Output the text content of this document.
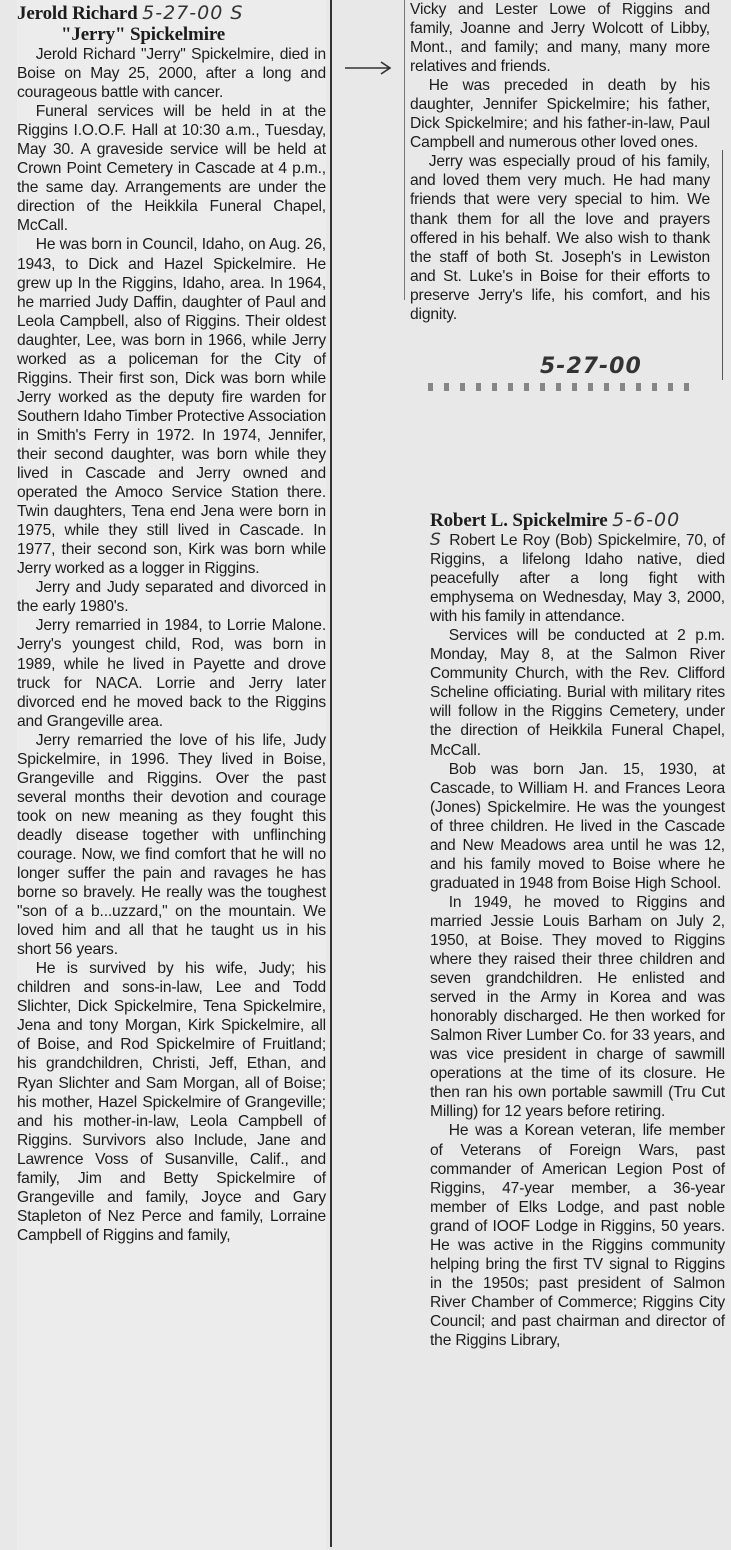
Jerold Richard 5-27-00 S
"Jerry" Spickelmire

Jerold Richard "Jerry" Spickelmire, died in Boise on May 25, 2000, after a long and courageous battle with cancer.

Funeral services will be held in at the Riggins I.O.O.F. Hall at 10:30 a.m., Tuesday, May 30. A graveside service will be held at Crown Point Cemetery in Cascade at 4 p.m., the same day. Arrangements are under the direction of the Heikkila Funeral Chapel, McCall.

He was born in Council, Idaho, on Aug. 26, 1943, to Dick and Hazel Spickelmire. He grew up In the Riggins, Idaho, area. In 1964, he married Judy Daffin, daughter of Paul and Leola Campbell, also of Riggins. Their oldest daughter, Lee, was born in 1966, while Jerry worked as a policeman for the City of Riggins. Their first son, Dick was born while Jerry worked as the deputy fire warden for Southern Idaho Timber Protective Association in Smith's Ferry in 1972. In 1974, Jennifer, their second daughter, was born while they lived in Cascade and Jerry owned and operated the Amoco Service Station there. Twin daughters, Tena end Jena were born in 1975, while they still lived in Cascade. In 1977, their second son, Kirk was born while Jerry worked as a logger in Riggins.

Jerry and Judy separated and divorced in the early 1980's.

Jerry remarried in 1984, to Lorrie Malone. Jerry's youngest child, Rod, was born in 1989, while he lived in Payette and drove truck for NACA. Lorrie and Jerry later divorced end he moved back to the Riggins and Grangeville area.

Jerry remarried the love of his life, Judy Spickelmire, in 1996. They lived in Boise, Grangeville and Riggins. Over the past several months their devotion and courage took on new meaning as they fought this deadly disease together with unflinching courage. Now, we find comfort that he will no longer suffer the pain and ravages he has borne so bravely. He really was the toughest "son of a b...uzzard," on the mountain. We loved him and all that he taught us in his short 56 years.

He is survived by his wife, Judy; his children and sons-in-law, Lee and Todd Slichter, Dick Spickelmire, Tena Spickelmire, Jena and tony Morgan, Kirk Spickelmire, all of Boise, and Rod Spickelmire of Fruitland; his grandchildren, Christi, Jeff, Ethan, and Ryan Slichter and Sam Morgan, all of Boise; his mother, Hazel Spickelmire of Grangeville; and his mother-in-law, Leola Campbell of Riggins. Survivors also Include, Jane and Lawrence Voss of Susanville, Calif., and family, Jim and Betty Spickelmire of Grangeville and family, Joyce and Gary Stapleton of Nez Perce and family, Lorraine Campbell of Riggins and family,

Vicky and Lester Lowe of Riggins and family, Joanne and Jerry Wolcott of Libby, Mont., and family; and many, many more relatives and friends.

He was preceded in death by his daughter, Jennifer Spickelmire; his father, Dick Spickelmire; and his father-in-law, Paul Campbell and numerous other loved ones.

Jerry was especially proud of his family, and loved them very much. He had many friends that were very special to him. We thank them for all the love and prayers offered in his behalf. We also wish to thank the staff of both St. Joseph's in Lewiston and St. Luke's in Boise for their efforts to preserve Jerry's life, his comfort, and his dignity.

5-27-00
Robert L. Spickelmire 5-6-00

S Robert Le Roy (Bob) Spickelmire, 70, of Riggins, a lifelong Idaho native, died peacefully after a long fight with emphysema on Wednesday, May 3, 2000, with his family in attendance.

Services will be conducted at 2 p.m. Monday, May 8, at the Salmon River Community Church, with the Rev. Clifford Scheline officiating. Burial with military rites will follow in the Riggins Cemetery, under the direction of Heikkila Funeral Chapel, McCall.

Bob was born Jan. 15, 1930, at Cascade, to William H. and Frances Leora (Jones) Spickelmire. He was the youngest of three children. He lived in the Cascade and New Meadows area until he was 12, and his family moved to Boise where he graduated in 1948 from Boise High School.

In 1949, he moved to Riggins and married Jessie Louis Barham on July 2, 1950, at Boise. They moved to Riggins where they raised their three children and seven grandchildren. He enlisted and served in the Army in Korea and was honorably discharged. He then worked for Salmon River Lumber Co. for 33 years, and was vice president in charge of sawmill operations at the time of its closure. He then ran his own portable sawmill (Tru Cut Milling) for 12 years before retiring.

He was a Korean veteran, life member of Veterans of Foreign Wars, past commander of American Legion Post of Riggins, 47-year member, a 36-year member of Elks Lodge, and past noble grand of IOOF Lodge in Riggins, 50 years. He was active in the Riggins community helping bring the first TV signal to Riggins in the 1950s; past president of Salmon River Chamber of Commerce; Riggins City Council; and past chairman and director of the Riggins Library,
